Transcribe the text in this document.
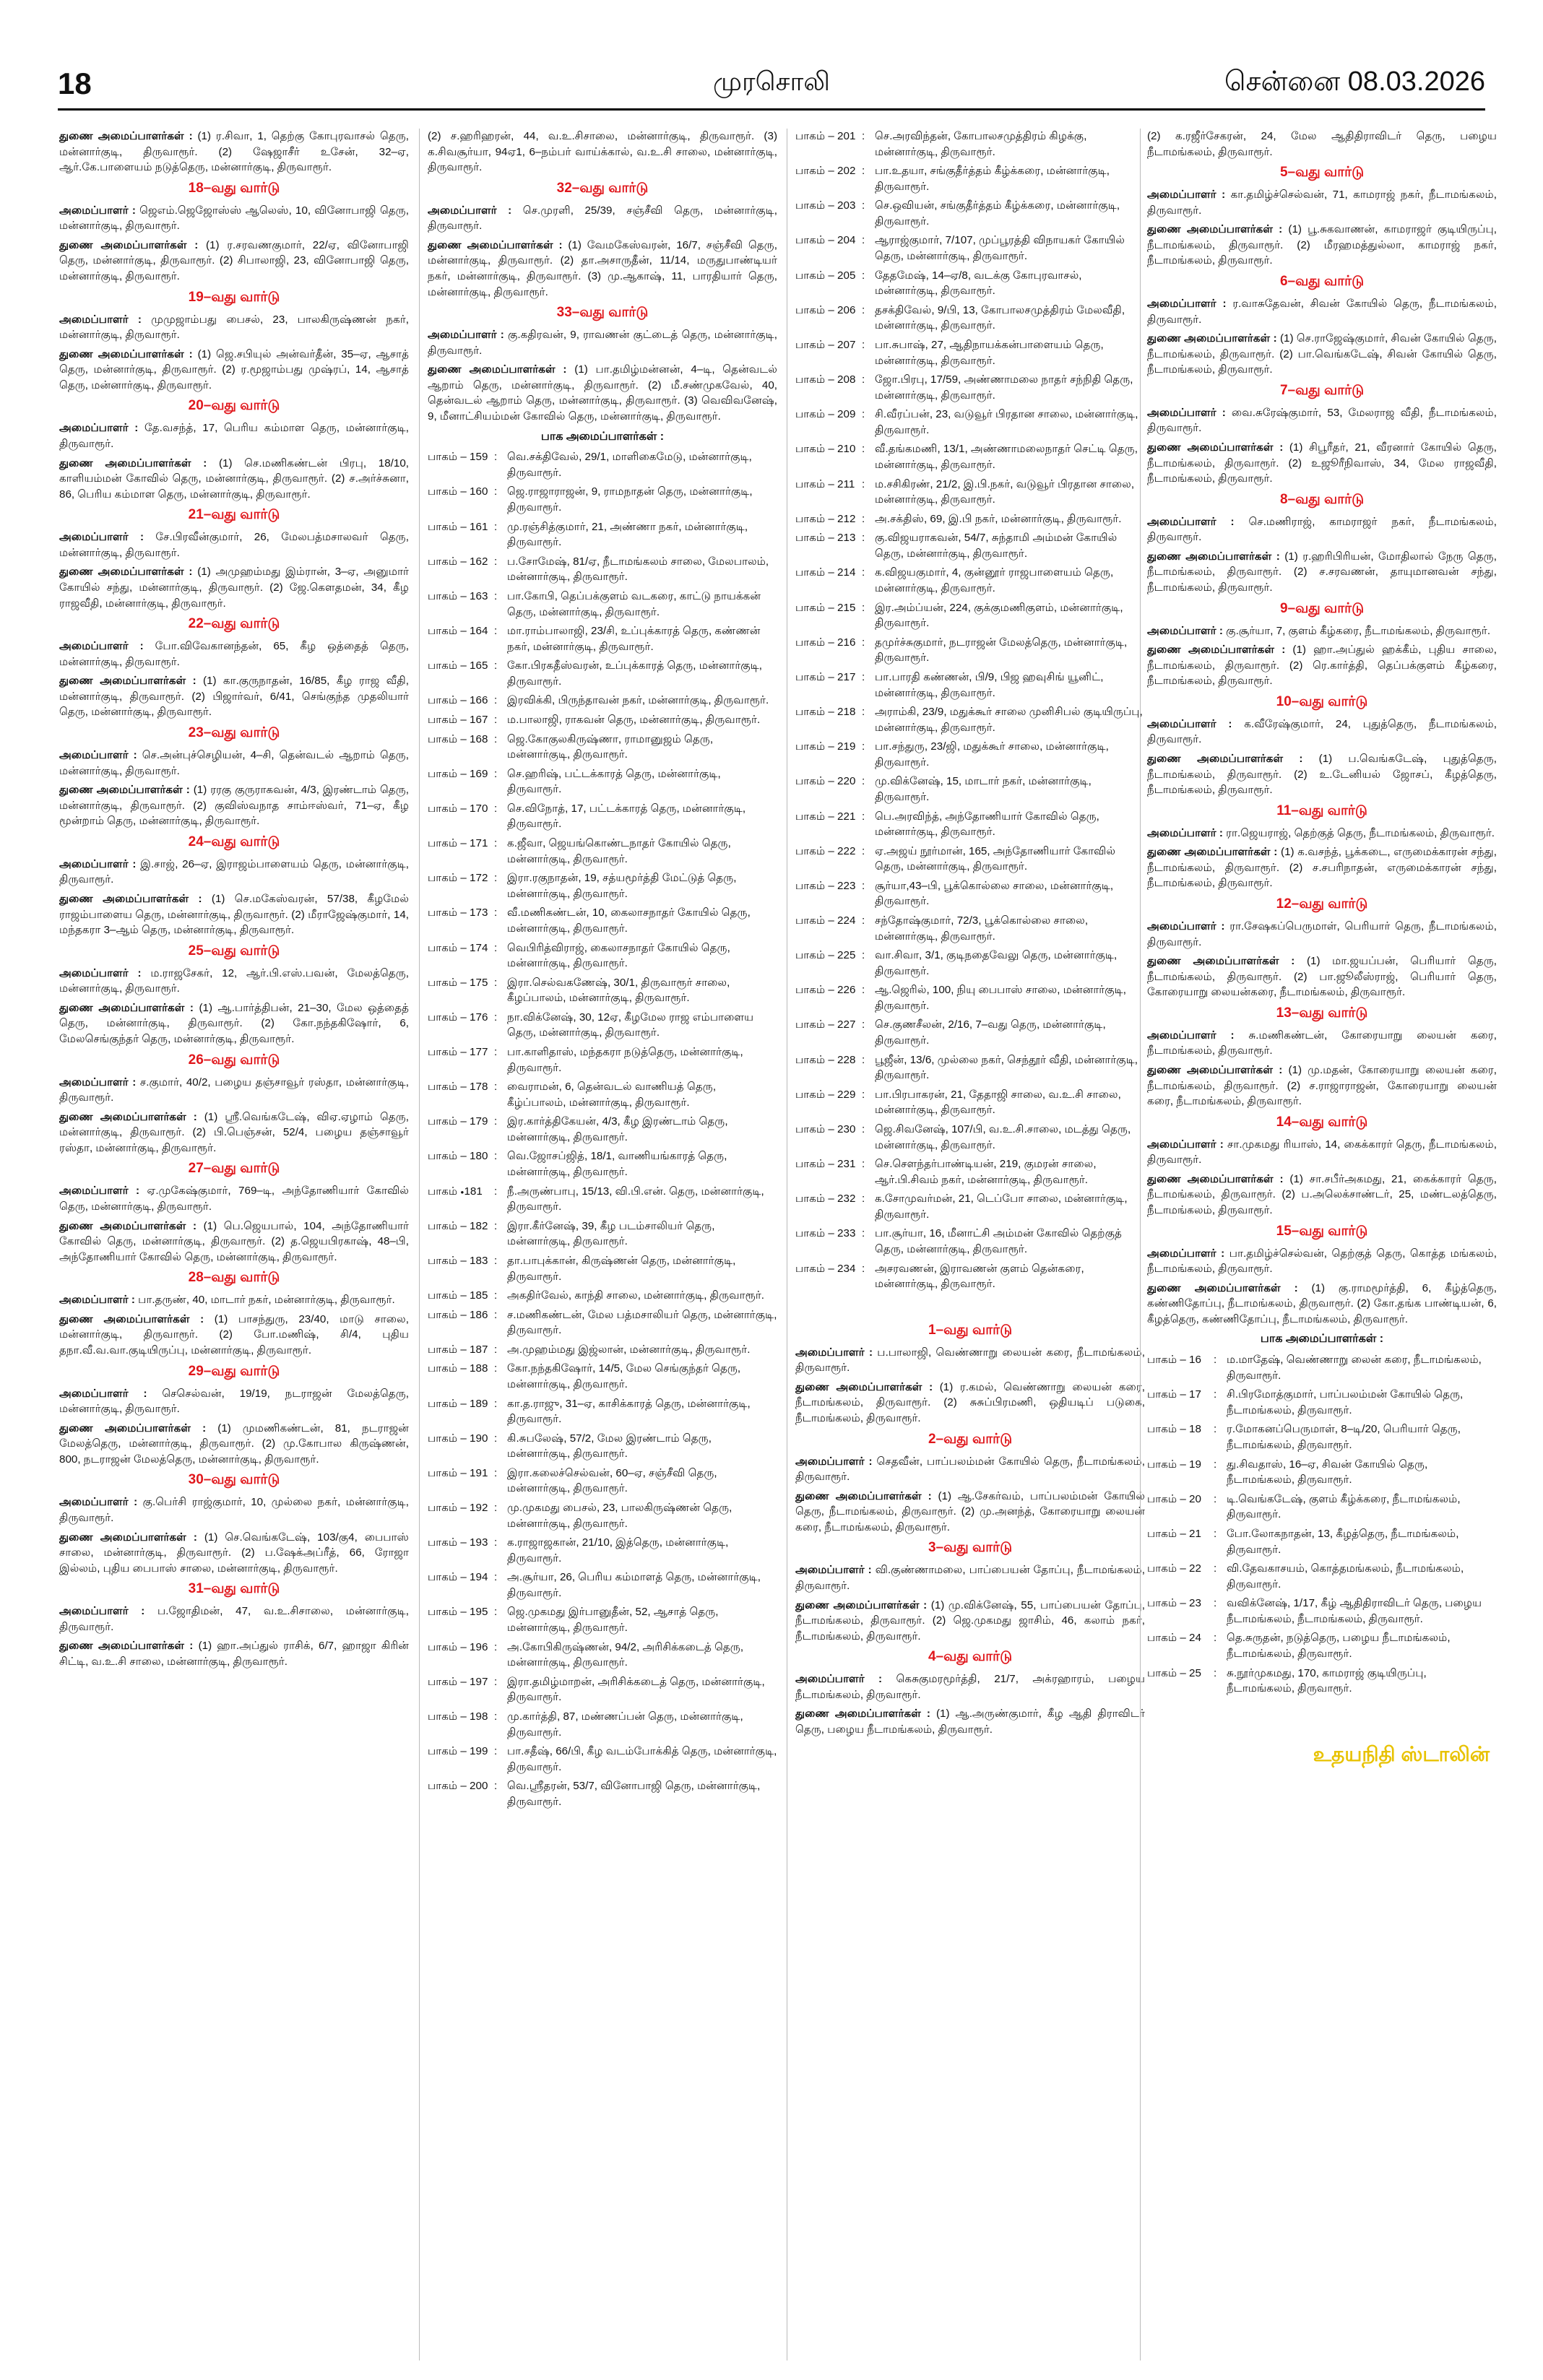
18	முரசொலி	சென்னை 08.03.2026

துணை அமைப்பாளர்கள் : (1) ர.சிவா, 1, தெற்கு கோபுரவாசல் தெரு, மன்னார்குடி, திருவாரூர். (2) ஷேஜாசீர் உசேன், 32–ஏ, ஆர்.கே.பாளையம் நடுத்தெரு, மன்னார்குடி, திருவாரூர்.

18–வது வார்டு

அமைப்பாளர் : ஜெஎம்.ஜெஜோஸ்ஸ் ஆலெஸ், 10, வினோபாஜி தெரு, மன்னார்குடி, திருவாரூர்.

துணை அமைப்பாளர்கள் : (1) ர.சரவணகுமார், 22/ஏ, வினோபாஜி தெரு, மன்னார்குடி, திருவாரூர். (2) சிபாலாஜி, 23, வினோபாஜி தெரு, மன்னார்குடி, திருவாரூர்.

19–வது வார்டு

அமைப்பாளர் : முமுஜாம்பது பைசல், 23, பாலகிருஷ்ணன் நகர், மன்னார்குடி, திருவாரூர்.

துணை அமைப்பாளர்கள் : (1) ஜெ.சபியுல் அன்வர்தீன், 35–ஏ, ஆசாத் தெரு, மன்னார்குடி, திருவாரூர். (2) ர.மூஜாம்பது முஷ்ரப், 14, ஆசாத் தெரு, மன்னார்குடி, திருவாரூர்.

20–வது வார்டு

அமைப்பாளர் : தே.வசந்த், 17, பெரிய கம்மாள தெரு, மன்னார்குடி, திருவாரூர்.

துணை அமைப்பாளர்கள் : (1) செ.மணிகண்டன் பிரபு, 18/10, காளியம்மன் கோவில் தெரு, மன்னார்குடி, திருவாரூர். (2) ச.அர்ச்சுனா, 86, பெரிய கம்மாள தெரு, மன்னார்குடி, திருவாரூர்.

21–வது வார்டு

அமைப்பாளர் : சே.பிரவீன்குமார், 26, மேலபத்மசாலவர் தெரு, மன்னார்குடி, திருவாரூர்.

துணை அமைப்பாளர்கள் : (1) அமுஹம்மது இம்ரான், 3–ஏ, அனுமார் கோயில் சந்து, மன்னார்குடி, திருவாரூர். (2) ஜே.கௌதமன், 34, கீழ ராஜவீதி, மன்னார்குடி, திருவாரூர்.

22–வது வார்டு

அமைப்பாளர் : போ.விவேகானந்தன், 65, கீழ ஒத்தைத் தெரு, மன்னார்குடி, திருவாரூர்.

துணை அமைப்பாளர்கள் : (1) கா.குருநாதன், 16/85, கீழ ராஜ வீதி, மன்னார்குடி, திருவாரூர். (2) பிஜார்வர், 6/41, செங்குந்த முதலியார் தெரு, மன்னார்குடி, திருவாரூர்.

23–வது வார்டு

அமைப்பாளர் : செ.அன்புச்செழியன், 4–சி, தென்வடல் ஆறாம் தெரு, மன்னார்குடி, திருவாரூர்.

துணை அமைப்பாளர்கள் : (1) ரரகு குருராகவன், 4/3, இரண்டாம் தெரு, மன்னார்குடி, திருவாரூர். (2) குவிஸ்வநாத சாம்ஈஸ்வர், 71–ஏ, கீழ மூன்றாம் தெரு, மன்னார்குடி, திருவாரூர்.

24–வது வார்டு

அமைப்பாளர் : இ.சாஜ், 26–ஏ, இராஜம்பாளையம் தெரு, மன்னார்குடி, திருவாரூர்.

துணை அமைப்பாளர்கள் : (1) செ.மகேஸ்வரன், 57/38, கீழமேல் ராஜம்பாளைய தெரு, மன்னார்குடி, திருவாரூர். (2) மீராஜேஷ்குமார், 14, மந்தகரா 3–ஆம் தெரு, மன்னார்குடி, திருவாரூர்.

25–வது வார்டு

அமைப்பாளர் : ம.ராஜசேகர், 12, ஆர்.பி.எஸ்.பவன், மேலத்தெரு, மன்னார்குடி, திருவாரூர்.

துணை அமைப்பாளர்கள் : (1) ஆ.பார்த்திபன், 21–30, மேல ஒத்தைத் தெரு, மன்னார்குடி, திருவாரூர். (2) கோ.நந்தகிஷோர், 6, மேலசெங்குந்தர் தெரு, மன்னார்குடி, திருவாரூர்.

26–வது வார்டு

அமைப்பாளர் : ச.குமார், 40/2, பழைய தஞ்சாவூர் ரஸ்தா, மன்னார்குடி, திருவாரூர்.

துணை அமைப்பாளர்கள் : (1) ஸ்ரீ.வெங்கடேஷ், விஏ.ஏழாம் தெரு, மன்னார்குடி, திருவாரூர். (2) பி.பெஞ்சன், 52/4, பழைய தஞ்சாவூர் ரஸ்தா, மன்னார்குடி, திருவாரூர்.

27–வது வார்டு

அமைப்பாளர் : ஏ.முகேஷ்குமார், 769–டி, அந்தோணியார் கோவில் தெரு, மன்னார்குடி, திருவாரூர்.

துணை அமைப்பாளர்கள் : (1) பெ.ஜெயபால், 104, அந்தோணியார் கோவில் தெரு, மன்னார்குடி, திருவாரூர். (2) த.ஜெயபிரகாஷ், 48–பி, அந்தோணியார் கோவில் தெரு, மன்னார்குடி, திருவாரூர்.

28–வது வார்டு

அமைப்பாளர் : பா.தருண், 40, மாடார் நகர், மன்னார்குடி, திருவாரூர்.

துணை அமைப்பாளர்கள் : (1) பாசந்துரு, 23/40, மாடு சாலை, மன்னார்குடி, திருவாரூர். (2) போ.மணிஷ், சி/4, புதிய தநா.வீ.வ.வா.குடியிருப்பு, மன்னார்குடி, திருவாரூர்.

29–வது வார்டு

அமைப்பாளர் : செசெல்வன், 19/19, நடராஜன் மேலத்தெரு, மன்னார்குடி, திருவாரூர்.

துணை அமைப்பாளர்கள் : (1) முமணிகண்டன், 81, நடராஜன் மேலத்தெரு, மன்னார்குடி, திருவாரூர். (2) மு.கோபால கிருஷ்ணன், 800, நடராஜன் மேலத்தெரு, மன்னார்குடி, திருவாரூர்.

30–வது வார்டு

அமைப்பாளர் : கு.பெர்சி ராஜ்குமார், 10, முல்லை நகர், மன்னார்குடி, திருவாரூர்.

துணை அமைப்பாளர்கள் : (1) செ.வெங்கடேஷ், 103/கு4, பைபாஸ் சாலை, மன்னார்குடி, திருவாரூர். (2) ப.ஷேக்அப்ரீத், 66, ரோஜா இல்லம், புதிய பைபாஸ் சாலை, மன்னார்குடி, திருவாரூர்.

31–வது வார்டு

அமைப்பாளர் : ப.ஜோதிமன், 47, வ.உ.சிசாலை, மன்னார்குடி, திருவாரூர்.

துணை அமைப்பாளர்கள் : (1) ஹா.அப்துல் ராசிக், 6/7, ஹாஜா கிரின் சிட்டி, வ.உ.சி சாலை, மன்னார்குடி, திருவாரூர்.

(2) ச.ஹரிஹரன், 44, வ.உ.சிசாலை, மன்னார்குடி, திருவாரூர். (3) க.சிவசூர்யா, 94ஏ1, 6–நம்பர் வாய்க்கால், வ.உ.சி சாலை, மன்னார்குடி, திருவாரூர்.

32–வது வார்டு

அமைப்பாளர் : செ.முரளி, 25/39, சஞ்சீவி தெரு, மன்னார்குடி, திருவாரூர்.

துணை அமைப்பாளர்கள் : (1) வேமகேஸ்வரன், 16/7, சஞ்சீவி தெரு, மன்னார்குடி, திருவாரூர். (2) தா.அசாருதீன், 11/14, மருதுபாண்டியர் நகர், மன்னார்குடி, திருவாரூர். (3) மு.ஆகாஷ், 11, பாரதியார் தெரு, மன்னார்குடி, திருவாரூர்.

33–வது வார்டு

அமைப்பாளர் : கு.கதிரவன், 9, ராவணன் குட்டைத் தெரு, மன்னார்குடி, திருவாரூர்.

துணை அமைப்பாளர்கள் : (1) பா.தமிழ்மன்னன், 4–டி, தென்வடல் ஆறாம் தெரு, மன்னார்குடி, திருவாரூர். (2) மீ.சண்முகவேல், 40, தென்வடல் ஆறாம் தெரு, மன்னார்குடி, திருவாரூர். (3) வெவிவனேஷ், 9, மீனாட்சியம்மன் கோவில் தெரு, மன்னார்குடி, திருவாரூர்.

பாக அமைப்பாளர்கள் :
பாகம் – 159 : வெ.சக்திவேல், 29/1, மாளிகைமேடு, மன்னார்குடி, திருவாரூர்.
பாகம் – 160 : ஜெ.ராஜாராஜன், 9, ராமநாதன் தெரு, மன்னார்குடி, திருவாரூர்.
பாகம் – 161 : மு.ரஞ்சித்குமார், 21, அண்ணா நகர், மன்னார்குடி, திருவாரூர்.
பாகம் – 162 : ப.சோமேஷ், 81/ஏ, நீடாமங்கலம் சாலை, மேலபாலம், மன்னார்குடி, திருவாரூர்.
பாகம் – 163 : பா.கோபி, தெப்பக்குளம் வடகரை, காட்டு நாயக்கன் தெரு, மன்னார்குடி, திருவாரூர்.
பாகம் – 164 : மா.ராம்பாலாஜி, 23/சி, உப்புக்காரத் தெரு, கண்ணன் நகர், மன்னார்குடி, திருவாரூர்.
பாகம் – 165 : கோ.பிரகதீஸ்வரன், உப்புக்காரத் தெரு, மன்னார்குடி, திருவாரூர்.
பாகம் – 166 : இரவிக்கி, பிருந்தாவன் நகர், மன்னார்குடி, திருவாரூர்.
பாகம் – 167 : ம.பாலாஜி, ராகவன் தெரு, மன்னார்குடி, திருவாரூர்.
பாகம் – 168 : ஜெ.கோகுலகிருஷ்ணா, ராமானுஜம் தெரு, மன்னார்குடி, திருவாரூர்.
பாகம் – 169 : செ.ஹரிஷ், பட்டக்காரத் தெரு, மன்னார்குடி, திருவாரூர்.
பாகம் – 170 : செ.விநோத், 17, பட்டக்காரத் தெரு, மன்னார்குடி, திருவாரூர்.
பாகம் – 171 : க.ஜீவா, ஜெயங்கொண்டநாதர் கோயில் தெரு, மன்னார்குடி, திருவாரூர்.
பாகம் – 172 : இரா.ரகுநாதன், 19, சத்யமூர்த்தி மேட்டுத் தெரு, மன்னார்குடி, திருவாரூர்.
பாகம் – 173 : வீ.மணிகண்டன், 10, கைலாசநாதர் கோயில் தெரு, மன்னார்குடி, திருவாரூர்.
பாகம் – 174 : வெபிரித்விராஜ், கைலாசநாதர் கோயில் தெரு, மன்னார்குடி, திருவாரூர்.
பாகம் – 175 : இரா.செல்வகணேஷ், 30/1, திருவாரூர் சாலை, கீழப்பாலம், மன்னார்குடி, திருவாரூர்.
பாகம் – 176 : நா.விக்னேஷ், 30, 12ஏ, கீழமேல ராஜ எம்பாளைய தெரு, மன்னார்குடி, திருவாரூர்.
பாகம் – 177 : பா.காளிதாஸ், மந்தகரா நடுத்தெரு, மன்னார்குடி, திருவாரூர்.
பாகம் – 178 : வைராமன், 6, தென்வடல் வாணியத் தெரு, கீழ்ப்பாலம், மன்னார்குடி, திருவாரூர்.
பாகம் – 179 : இர.கார்த்திகேயன், 4/3, கீழ இரண்டாம் தெரு, மன்னார்குடி, திருவாரூர்.
பாகம் – 180 : வெ.ஜோசப்ஜித், 18/1, வாணியங்காரத் தெரு, மன்னார்குடி, திருவாரூர்.
பாகம் 🞄181	: நீ.அருண்பாபு, 15/13, வி.பி.என். தெரு, மன்னார்குடி, திருவாரூர்.
பாகம் – 182 : இரா.கீர்னேஷ், 39, கீழ படம்சாலியர் தெரு, மன்னார்குடி, திருவாரூர்.
பாகம் – 183 : தா.பாபுக்கான், கிருஷ்ணன் தெரு, மன்னார்குடி, திருவாரூர்.
பாகம் – 185 : அகதிர்வேல், காந்தி சாலை, மன்னார்குடி, திருவாரூர்.
பாகம் – 186 : ச.மணிகண்டன், மேல பத்மசாலியர் தெரு, மன்னார்குடி, திருவாரூர்.
பாகம் – 187 : அ.முஹம்மது இஜ்லான், மன்னார்குடி, திருவாரூர்.
பாகம் – 188 : கோ.நந்தகிஷோர், 14/5, மேல செங்குந்தர் தெரு, மன்னார்குடி, திருவாரூர்.
பாகம் – 189 : கா.த.ராஜு, 31–ஏ, காசிக்காரத் தெரு, மன்னார்குடி, திருவாரூர்.
பாகம் – 190 : கி.சுபலேஷ், 57/2, மேல இரண்டாம் தெரு, மன்னார்குடி, திருவாரூர்.
பாகம் – 191 : இரா.கலைச்செல்வன், 60–ஏ, சஞ்சீவி தெரு, மன்னார்குடி, திருவாரூர்.
பாகம் – 192 : மு.முகமது பைசல், 23, பாலகிருஷ்ணன் தெரு, மன்னார்குடி, திருவாரூர்.
பாகம் – 193 : க.ராஜாஜகான், 21/10, இத்தெரு, மன்னார்குடி, திருவாரூர்.
பாகம் – 194 : அ.சூர்யா, 26, பெரிய கம்மாளத் தெரு, மன்னார்குடி, திருவாரூர்.
பாகம் – 195 : ஜெ.முகமது இர்பானுதீன், 52, ஆசாத் தெரு, மன்னார்குடி, திருவாரூர்.
பாகம் – 196 : அ.கோபிகிருஷ்ணன், 94/2, அரிசிக்கடைத் தெரு, மன்னார்குடி, திருவாரூர்.
பாகம் – 197 : இரா.தமிழ்மாறன், அரிசிக்கடைத் தெரு, மன்னார்குடி, திருவாரூர்.
பாகம் – 198 : மு.கார்த்தி, 87, மண்ணப்பன் தெரு, மன்னார்குடி, திருவாரூர்.
பாகம் – 199 : பா.சதீஷ், 66/பி, கீழ வடம்போக்கித் தெரு, மன்னார்குடி, திருவாரூர்.
பாகம் – 200 : வெ.ஸ்ரீதரன், 53/7, வினோபாஜி தெரு, மன்னார்குடி, திருவாரூர்.
பாகம் – 201 : செ.அரவிந்தன், கோபாலசமுத்திரம் கிழக்கு, மன்னார்குடி, திருவாரூர்.
பாகம் – 202 : பா.உதயா, சங்குதீர்த்தம் கீழ்க்கரை, மன்னார்குடி, திருவாரூர்.
பாகம் – 203 : செ.ஒவியன், சங்குதீர்த்தம் கீழ்க்கரை, மன்னார்குடி, திருவாரூர்.
பாகம் – 204 : ஆராஜ்குமார், 7/107, முப்பூரத்தி விநாயகர் கோயில் தெரு, மன்னார்குடி, திருவாரூர்.
பாகம் – 205 : தேதமேஷ், 14–ஏ/8, வடக்கு கோபுரவாசல், மன்னார்குடி, திருவாரூர்.
பாகம் – 206 : தசக்திவேல், 9/பி, 13, கோபாலசமுத்திரம் மேலவீதி, மன்னார்குடி, திருவாரூர்.
பாகம் – 207 : பா.சுபாஷ், 27, ஆதிநாயக்கன்பாளையம் தெரு, மன்னார்குடி, திருவாரூர்.
பாகம் – 208 : ஜோ.பிரபு, 17/59, அண்ணாமலை நாதர் சந்நிதி தெரு, மன்னார்குடி, திருவாரூர்.
பாகம் – 209 : சி.வீரப்பன், 23, வடுவூர் பிரதான சாலை, மன்னார்குடி, திருவாரூர்.
பாகம் – 210 : வீ.தங்கமணி, 13/1, அண்ணாமலைநாதர் செட்டி தெரு, மன்னார்குடி, திருவாரூர்.
பாகம் – 211 : ம.சசிகிரண், 21/2, இ.பி.நகர், வடுவூர் பிரதான சாலை, மன்னார்குடி, திருவாரூர்.
பாகம் – 212 : அ.சக்திஸ், 69, இ.பி நகர், மன்னார்குடி, திருவாரூர்.
பாகம் – 213 : கு.விஜயராகவன், 54/7, சுந்தாமி அம்மன் கோயில் தெரு, மன்னார்குடி, திருவாரூர்.
பாகம் – 214 : க.விஜயகுமார், 4, குன்னூர் ராஜபாளையம் தெரு, மன்னார்குடி, திருவாரூர்.
பாகம் – 215 : இர.அம்ப்யன், 224, குக்குமணிகுளம், மன்னார்குடி, திருவாரூர்.
பாகம் – 216 : தமுர்ச்சுகுமார், நடராஜன் மேலத்தெரு, மன்னார்குடி, திருவாரூர்.
பாகம் – 217 : பா.பாரதி கண்ணன், பி/9, பிஜ ஹவுசிங் யூனிட், மன்னார்குடி, திருவாரூர்.
பாகம் – 218 : அராம்கி, 23/9, மதுக்கூர் சாலை முனிசிபல் குடியிருப்பு, மன்னார்குடி, திருவாரூர்.
பாகம் – 219 : பா.சந்துரு, 23/ஜி, மதுக்கூர் சாலை, மன்னார்குடி, திருவாரூர்.
பாகம் – 220 : மு.விக்னேஷ், 15, மாடார் நகர், மன்னார்குடி, திருவாரூர்.
பாகம் – 221 : பெ.அரவிந்த், அந்தோணியார் கோவில் தெரு, மன்னார்குடி, திருவாரூர்.
பாகம் – 222 : ஏ.அஜய் நூர்மான், 165, அந்தோணியார் கோவில் தெரு, மன்னார்குடி, திருவாரூர்.
பாகம் – 223 : சூர்யா,43–பி, பூக்கொல்லை சாலை, மன்னார்குடி, திருவாரூர்.
பாகம் – 224 : சந்தோஷ்குமார், 72/3, பூக்கொல்லை சாலை, மன்னார்குடி, திருவாரூர்.
பாகம் – 225 : வா.சிவா, 3/1, குடிநதைவேலு தெரு, மன்னார்குடி, திருவாரூர்.
பாகம் – 226 : ஆ.ஜெரில், 100, நியு பைபாஸ் சாலை, மன்னார்குடி, திருவாரூர்.
பாகம் – 227 : செ.குணசீலன், 2/16, 7–வது தெரு, மன்னார்குடி, திருவாரூர்.
பாகம் – 228 : பூஜீன், 13/6, முல்லை நகர், செந்தூர் வீதி, மன்னார்குடி, திருவாரூர்.
பாகம் – 229 : பா.பிரபாகரன், 21, தேதாஜி சாலை, வ.உ.சி சாலை, மன்னார்குடி, திருவாரூர்.
பாகம் – 230 : ஜெ.சிவனேஷ், 107/பி, வ.உ.சி.சாலை, மடத்து தெரு, மன்னார்குடி, திருவாரூர்.
பாகம் – 231 : செ.சௌந்தர்பாண்டியன், 219, குமரன் சாலை, ஆர்.பி.சிவம் நகர், மன்னார்குடி, திருவாரூர்.
பாகம் – 232 : க.சோமுவர்மன், 21, டெப்போ சாலை, மன்னார்குடி, திருவாரூர்.
பாகம் – 233 : பா.சூர்யா, 16, மீனாட்சி அம்மன் கோவில் தெற்குத் தெரு, மன்னார்குடி, திருவாரூர்.
பாகம் – 234 : அசரவணன், இராவணன் குளம் தென்கரை, மன்னார்குடி, திருவாரூர்.
1–வது வார்டு

அமைப்பாளர் : ப.பாலாஜி, வெண்ணாறு லையன் கரை, நீடாமங்கலம், திருவாரூர்.

துணை அமைப்பாளர்கள் : (1) ர.கமல், வெண்ணாறு லையன் கரை, நீடாமங்கலம், திருவாரூர். (2) சுசுப்பிரமணி, ஒதியடிப் படுகை, நீடாமங்கலம், திருவாரூர்.

2–வது வார்டு

அமைப்பாளர் : செதவீன், பாப்பலம்மன் கோயில் தெரு, நீடாமங்கலம், திருவாரூர்.

துணை அமைப்பாளர்கள் : (1) ஆ.சேகர்வம், பாப்பலம்மன் கோயில் தெரு, நீடாமங்கலம், திருவாரூர். (2) மு.அனந்த், கோரையாறு லையன் கரை, நீடாமங்கலம், திருவாரூர்.

3–வது வார்டு

அமைப்பாளர் : வி.குண்ணாமலை, பாப்பையன் தோப்பு, நீடாமங்கலம், திருவாரூர்.

துணை அமைப்பாளர்கள் : (1) மு.விக்னேஷ், 55, பாப்பையன் தோப்பு, நீடாமங்கலம், திருவாரூர். (2) ஜெ.முகமது ஜாசிம், 46, கலாம் நகர், நீடாமங்கலம், திருவாரூர்.

4–வது வார்டு

அமைப்பாளர் : கெசுகுமரமூர்த்தி, 21/7, அக்ரஹாரம், பழைய நீடாமங்கலம், திருவாரூர்.

துணை அமைப்பாளர்கள் : (1) ஆ.அருண்குமார், கீழ ஆதி திராவிடர் தெரு, பழைய நீடாமங்கலம், திருவாரூர்.

(2) க.ரஜீர்சேகரன், 24, மேல ஆதிதிராவிடர் தெரு, பழைய நீடாமங்கலம், திருவாரூர்.

5–வது வார்டு

அமைப்பாளர் : கா.தமிழ்ச்செல்வன், 71, காமராஜ் நகர், நீடாமங்கலம், திருவாரூர்.

துணை அமைப்பாளர்கள் : (1) பூ.சுகவாணன், காமராஜர் குடியிருப்பு, நீடாமங்கலம், திருவாரூர். (2) மீரஹமத்துல்லா, காமராஜ் நகர், நீடாமங்கலம், திருவாரூர்.

6–வது வார்டு

அமைப்பாளர் : ர.வாசுதேவன், சிவன் கோயில் தெரு, நீடாமங்கலம், திருவாரூர்.

துணை அமைப்பாளர்கள் : (1) செ.ராஜேஷ்குமார், சிவன் கோயில் தெரு, நீடாமங்கலம், திருவாரூர். (2) பா.வெங்கடேஷ், சிவன் கோயில் தெரு, நீடாமங்கலம், திருவாரூர்.

7–வது வார்டு

அமைப்பாளர் : வை.சுரேஷ்குமார், 53, மேலராஜ வீதி, நீடாமங்கலம், திருவாரூர்.

துணை அமைப்பாளர்கள் : (1) சிபூரீதர், 21, வீரனார் கோயில் தெரு, நீடாமங்கலம், திருவாரூர். (2) உஜூரீநிவாஸ், 34, மேல ராஜவீதி, நீடாமங்கலம், திருவாரூர்.

8–வது வார்டு

அமைப்பாளர் : செ.மணிராஜ், காமராஜர் நகர், நீடாமங்கலம், திருவாரூர்.

துணை அமைப்பாளர்கள் : (1) ர.ஹரிபிரியன், மோதிலால் நேரு தெரு, நீடாமங்கலம், திருவாரூர். (2) ச.சரவணன், தாயுமானவன் சந்து, நீடாமங்கலம், திருவாரூர்.

9–வது வார்டு

அமைப்பாளர் : கு.சூர்யா, 7, குளம் கீழ்கரை, நீடாமங்கலம், திருவாரூர்.

துணை அமைப்பாளர்கள் : (1) ஹா.அப்துல் ஹக்கீம், புதிய சாலை, நீடாமங்கலம், திருவாரூர். (2) ரெ.கார்த்தி, தெப்பக்குளம் கீழ்கரை, நீடாமங்கலம், திருவாரூர்.

10–வது வார்டு

அமைப்பாளர் : க.வீரேஷ்குமார், 24, புதுத்தெரு, நீடாமங்கலம், திருவாரூர்.

துணை அமைப்பாளர்கள் : (1) ப.வெங்கடேஷ், புதுத்தெரு, நீடாமங்கலம், திருவாரூர். (2) உ.டேனியல் ஜோசப், கீழத்தெரு, நீடாமங்கலம், திருவாரூர்.

11–வது வார்டு

அமைப்பாளர் : ரா.ஜெயராஜ், தெற்குத் தெரு, நீடாமங்கலம், திருவாரூர்.

துணை அமைப்பாளர்கள் : (1) க.வசந்த், பூக்கடை, எருமைக்காரன் சந்து, நீடாமங்கலம், திருவாரூர். (2) ச.சபரிநாதன், எருமைக்காரன் சந்து, நீடாமங்கலம், திருவாரூர்.

12–வது வார்டு

அமைப்பாளர் : ரா.சேஷகப்பெருமாள், பெரியார் தெரு, நீடாமங்கலம், திருவாரூர்.

துணை அமைப்பாளர்கள் : (1) மா.ஜயப்பன், பெரியார் தெரு, நீடாமங்கலம், திருவாரூர். (2) பா.ஜூலீஸ்ராஜ், பெரியார் தெரு, கோரையாறு லையன்கரை, நீடாமங்கலம், திருவாரூர்.

13–வது வார்டு

அமைப்பாளர் : சு.மணிகண்டன், கோரையாறு லையன் கரை, நீடாமங்கலம், திருவாரூர்.

துணை அமைப்பாளர்கள் : (1) மு.மதன், கோரையாறு லையன் கரை, நீடாமங்கலம், திருவாரூர். (2) ச.ராஜாராஜன், கோரையாறு லையன் கரை, நீடாமங்கலம், திருவாரூர்.

14–வது வார்டு

அமைப்பாளர் : சா.முகமது ரியாஸ், 14, கைக்காரர் தெரு, நீடாமங்கலம், திருவாரூர்.

துணை அமைப்பாளர்கள் : (1) சா.சபீர்அகமது, 21, கைக்காரர் தெரு, நீடாமங்கலம், திருவாரூர். (2) ப.அலெக்சாண்டர், 25, மண்டலத்தெரு, நீடாமங்கலம், திருவாரூர்.

15–வது வார்டு

அமைப்பாளர் : பா.தமிழ்ச்செல்வன், தெற்குத் தெரு, கொத்த மங்கலம், நீடாமங்கலம், திருவாரூர்.

துணை அமைப்பாளர்கள் : (1) கு.ராமமூர்த்தி, 6, கீழ்த்தெரு, கண்ணிதோப்பு, நீடாமங்கலம், திருவாரூர். (2) கோ.தங்க பாண்டியன், 6, கீழத்தெரு, கண்ணிதோப்பு, நீடாமங்கலம், திருவாரூர்.

பாக அமைப்பாளர்கள் :
பாகம் – 16	: ம.மாதேஷ், வெண்ணாறு லைன் கரை, நீடாமங்கலம், திருவாரூர்.
பாகம் – 17	: சி.பிரமோத்குமார், பாப்பலம்மன் கோயில் தெரு, நீடாமங்கலம், திருவாரூர்.
பாகம் – 18	: ர.மோகனப்பெருமாள், 8–டி/20, பெரியார் தெரு, நீடாமங்கலம், திருவாரூர்.
பாகம் – 19	: து.சிவதாஸ், 16–ஏ, சிவன் கோயில் தெரு, நீடாமங்கலம், திருவாரூர்.
பாகம் – 20	: டி.வெங்கடேஷ், குளம் கீழ்க்கரை, நீடாமங்கலம், திருவாரூர்.
பாகம் – 21	: போ.லோகநாதன், 13, கீழத்தெரு, நீடாமங்கலம், திருவாரூர்.
பாகம் – 22	: வி.தேவகாசயம், கொத்தமங்கலம், நீடாமங்கலம், திருவாரூர்.
பாகம் – 23	: வவிக்னேஷ், 1/17, கீழ் ஆதிதிராவிடர் தெரு, பழைய நீடாமங்கலம், நீடாமங்கலம், திருவாரூர்.
பாகம் – 24	: தெ.சுருதன், நடுத்தெரு, பழைய நீடாமங்கலம், நீடாமங்கலம், திருவாரூர்.
பாகம் – 25	: சு.நூர்முகமது, 170, காமராஜ் குடியிருப்பு, நீடாமங்கலம், திருவாரூர்.
உதயநிதி ஸ்டாலின்
